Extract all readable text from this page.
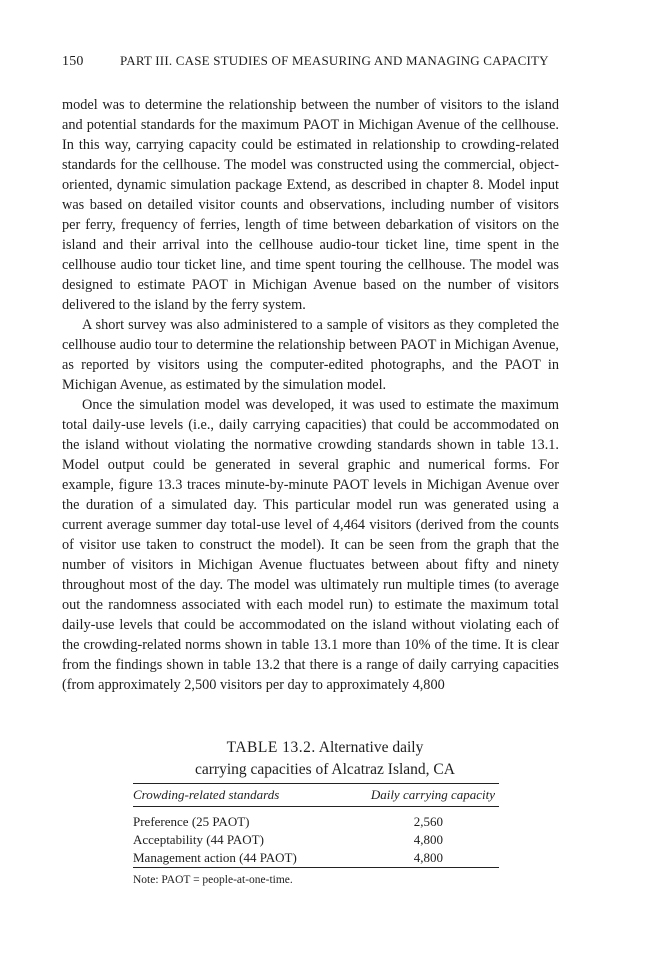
150	PART III. CASE STUDIES OF MEASURING AND MANAGING CAPACITY

model was to determine the relationship between the number of visitors to the island and potential standards for the maximum PAOT in Michigan Avenue of the cellhouse. In this way, carrying capacity could be estimated in relationship to crowding-related standards for the cellhouse. The model was constructed using the commercial, object-oriented, dynamic simulation package Extend, as described in chapter 8. Model input was based on detailed visitor counts and observations, including number of visitors per ferry, frequency of ferries, length of time between debarkation of visitors on the island and their arrival into the cellhouse audio-tour ticket line, time spent in the cellhouse audio tour ticket line, and time spent touring the cellhouse. The model was designed to estimate PAOT in Michigan Avenue based on the number of visitors delivered to the island by the ferry system.

A short survey was also administered to a sample of visitors as they completed the cellhouse audio tour to determine the relationship between PAOT in Michigan Avenue, as reported by visitors using the computer-edited photographs, and the PAOT in Michigan Avenue, as estimated by the simulation model.

Once the simulation model was developed, it was used to estimate the maximum total daily-use levels (i.e., daily carrying capacities) that could be accommodated on the island without violating the normative crowding standards shown in table 13.1. Model output could be generated in several graphic and numerical forms. For example, figure 13.3 traces minute-by-minute PAOT levels in Michigan Avenue over the duration of a simulated day. This particular model run was generated using a current average summer day total-use level of 4,464 visitors (derived from the counts of visitor use taken to construct the model). It can be seen from the graph that the number of visitors in Michigan Avenue fluctuates between about fifty and ninety throughout most of the day. The model was ultimately run multiple times (to average out the randomness associated with each model run) to estimate the maximum total daily-use levels that could be accommodated on the island without violating each of the crowding-related norms shown in table 13.1 more than 10% of the time. It is clear from the findings shown in table 13.2 that there is a range of daily carrying capacities (from approximately 2,500 visitors per day to approximately 4,800

TABLE 13.2. Alternative daily
carrying capacities of Alcatraz Island, CA
Crowding-related standards	Daily carrying capacity
Preference (25 PAOT)	2,560
Acceptability (44 PAOT)	4,800
Management action (44 PAOT)	4,800
Note: PAOT = people-at-one-time.
